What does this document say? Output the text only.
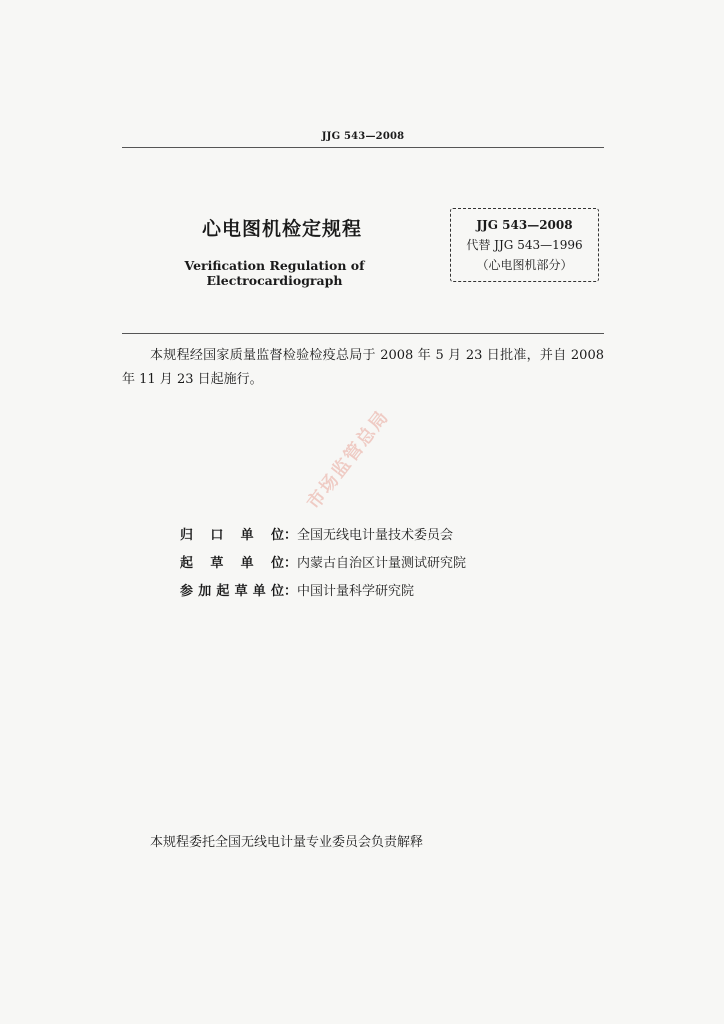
JJG 543—2008
心电图机检定规程
Verification Regulation of Electrocardiograph
JJG 543—2008
代替 JJG 543—1996
（心电图机部分）
本规程经国家质量监督检验检疫总局于 2008 年 5 月 23 日批准，并自 2008 年 11 月 23 日起施行。
市场监管总局
归口单位：全国无线电计量技术委员会
起草单位：内蒙古自治区计量测试研究院
参加起草单位：中国计量科学研究院
本规程委托全国无线电计量专业委员会负责解释
